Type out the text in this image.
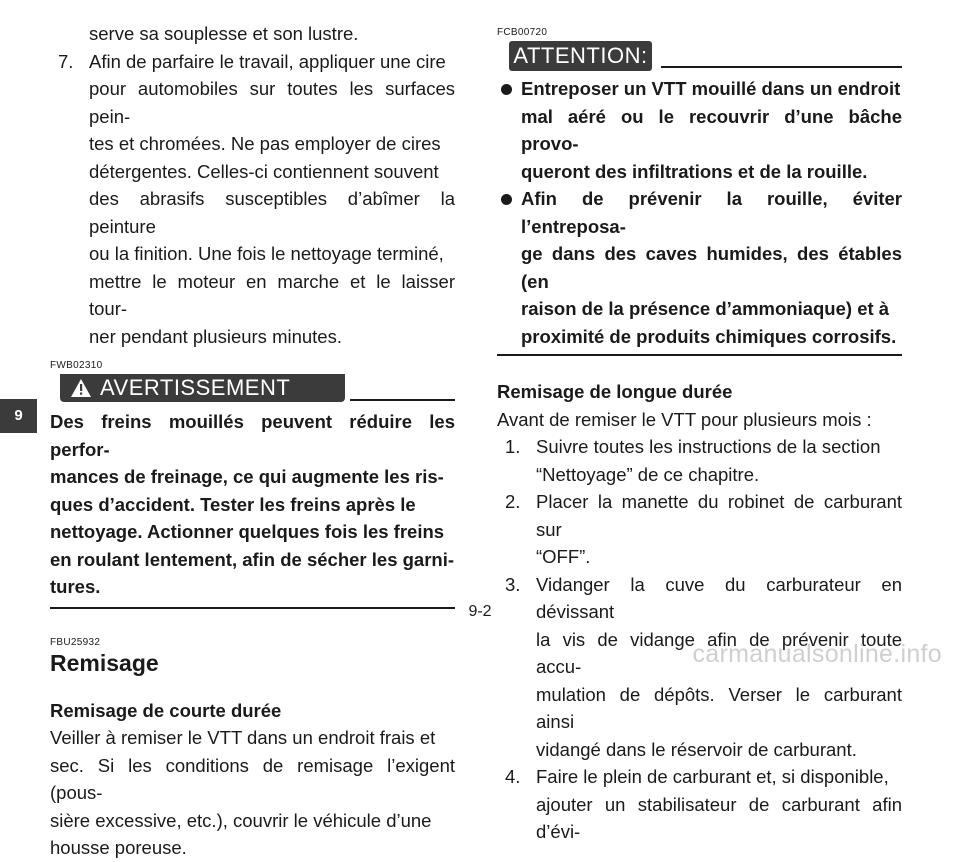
serve sa souplesse et son lustre.
7. Afin de parfaire le travail, appliquer une cire
pour automobiles sur toutes les surfaces pein-
tes et chromées. Ne pas employer de cires
détergentes. Celles-ci contiennent souvent
des abrasifs susceptibles d’abîmer la peinture
ou la finition. Une fois le nettoyage terminé,
mettre le moteur en marche et le laisser tour-
ner pendant plusieurs minutes.
FWB02310
AVERTISSEMENT
Des freins mouillés peuvent réduire les perfor-
mances de freinage, ce qui augmente les ris-
ques d’accident. Tester les freins après le
nettoyage. Actionner quelques fois les freins
en roulant lentement, afin de sécher les garni-
tures.
FBU25932
Remisage
Remisage de courte durée
Veiller à remiser le VTT dans un endroit frais et
sec. Si les conditions de remisage l’exigent (pous-
sière excessive, etc.), couvrir le véhicule d’une
housse poreuse.
FCB00720
ATTENTION:
Entreposer un VTT mouillé dans un endroit
mal aéré ou le recouvrir d’une bâche provo-
queront des infiltrations et de la rouille.
Afin de prévenir la rouille, éviter l’entreposa-
ge dans des caves humides, des étables (en
raison de la présence d’ammoniaque) et à
proximité de produits chimiques corrosifs.
Remisage de longue durée
Avant de remiser le VTT pour plusieurs mois :
1. Suivre toutes les instructions de la section
“Nettoyage” de ce chapitre.
2. Placer la manette du robinet de carburant sur
“OFF”.
3. Vidanger la cuve du carburateur en dévissant
la vis de vidange afin de prévenir toute accu-
mulation de dépôts. Verser le carburant ainsi
vidangé dans le réservoir de carburant.
4. Faire le plein de carburant et, si disponible,
ajouter un stabilisateur de carburant afin d’évi-
9
9-2
carmanualsonline.info
